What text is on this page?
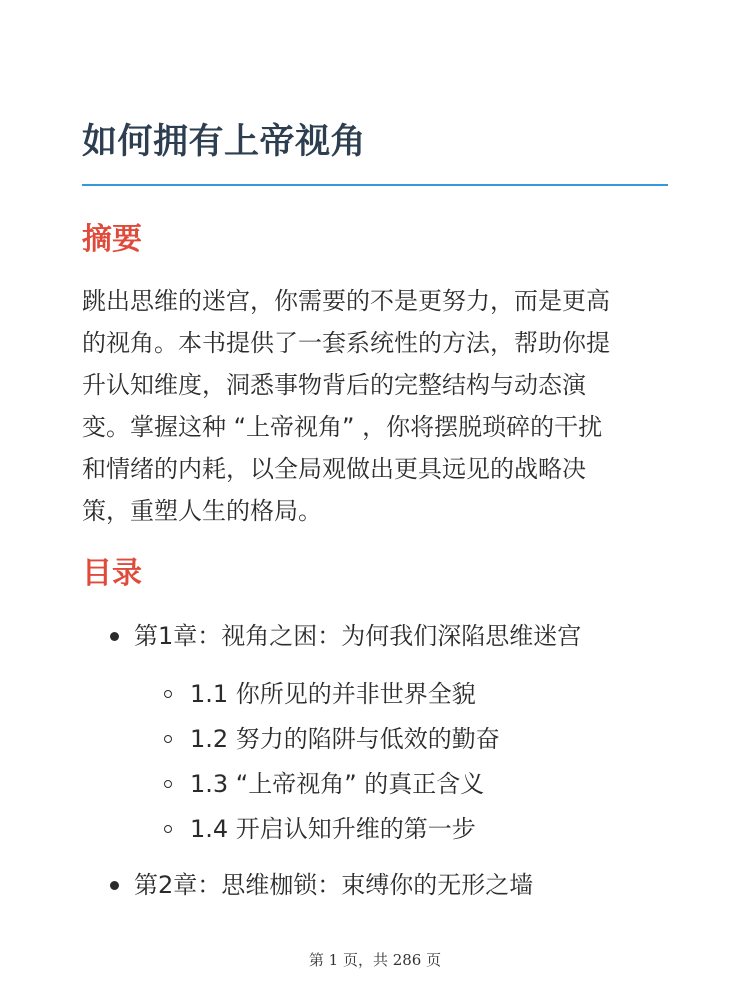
如何拥有上帝视角
摘要

跳出思维的迷宫，你需要的不是更努力，而是更高
的视角。本书提供了一套系统性的方法，帮助你提
升认知维度，洞悉事物背后的完整结构与动态演
变。掌握这种 “上帝视角” ，你将摆脱琐碎的干扰
和情绪的内耗，以全局观做出更具远见的战略决
策，重塑人生的格局。

目录
第1章：视角之困：为何我们深陷思维迷宫
1.1 你所见的并非世界全貌
1.2 努力的陷阱与低效的勤奋
1.3 “上帝视角” 的真正含义
1.4 开启认知升维的第一步
第2章：思维枷锁：束缚你的无形之墙
第 1 页，共 286 页
